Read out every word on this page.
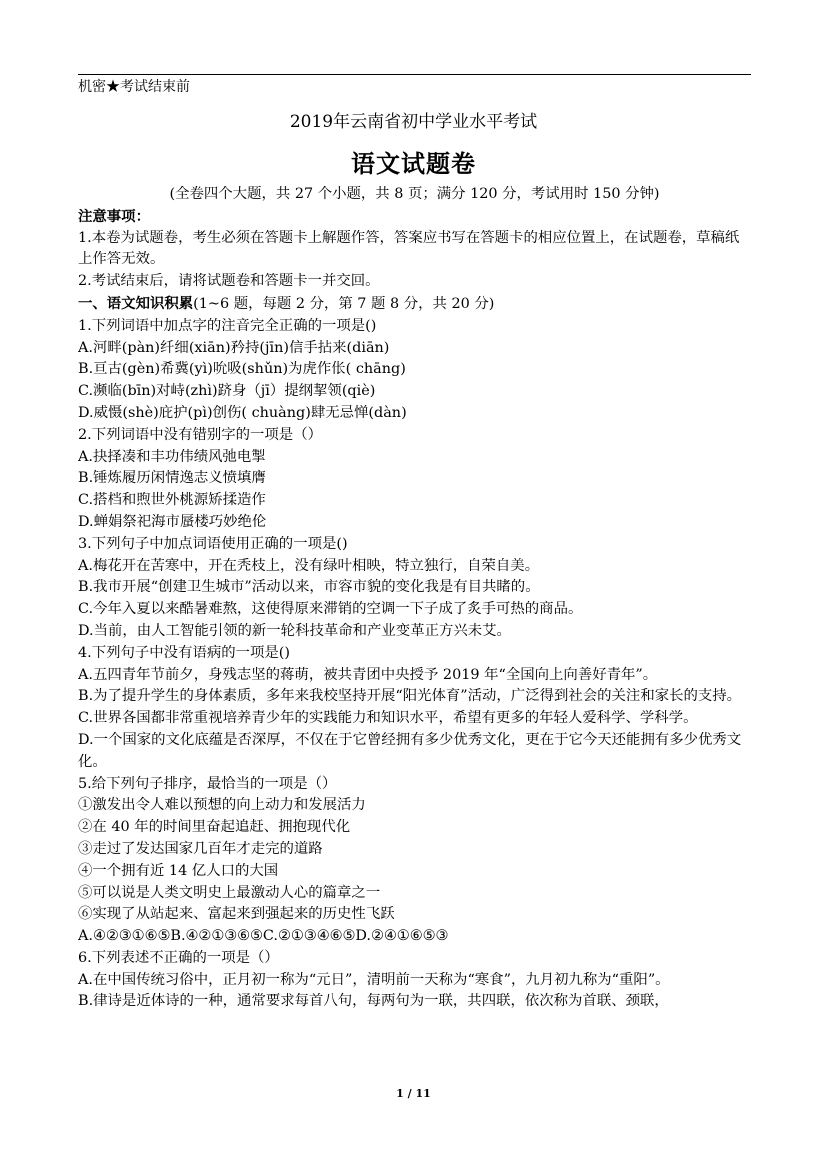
机密★考试结束前
2019年云南省初中学业水平考试
语文试题卷
(全卷四个大题，共 27 个小题，共 8 页；满分 120 分，考试用时 150 分钟)
注意事项：
1.本卷为试题卷，考生必须在答题卡上解题作答，答案应书写在答题卡的相应位置上，在试题卷，草稿纸上作答无效。
2.考试结束后，请将试题卷和答题卡一并交回。
一、语文知识积累(1~6 题，每题 2 分，第 7 题 8 分，共 20 分)
1.下列词语中加点字的注音完全正确的一项是()
A.河畔(pàn)纤细(xiān)矜持(jīn)信手拈来(diān)
B.亘古(gèn)希冀(yì)吮吸(shǔn)为虎作伥( chāng)
C.濒临(bīn)对峙(zhì)跻身（jī）提纲挈领(qiè)
D.威慑(shè)庇护(pì)创伤( chuàng)肆无忌惮(dàn)
2.下列词语中没有错别字的一项是（）
A.抉择凑和丰功伟绩风弛电掣
B.锤炼履历闲情逸志义愤填膺
C.搭档和煦世外桃源矫揉造作
D.蝉娟祭祀海市蜃楼巧妙绝伦
3.下列句子中加点词语使用正确的一项是()
A.梅花开在苦寒中，开在秃枝上，没有绿叶相映，特立独行，自荣自美。
B.我市开展“创建卫生城市”活动以来，市容市貌的变化我是有目共睹的。
C.今年入夏以来酷暑难熬，这使得原来滞销的空调一下子成了炙手可热的商品。
D.当前，由人工智能引领的新一轮科技革命和产业变革正方兴未艾。
4.下列句子中没有语病的一项是()
A.五四青年节前夕，身残志坚的蒋萌，被共青团中央授予 2019 年“全国向上向善好青年”。
B.为了提升学生的身体素质，多年来我校坚持开展“阳光体育”活动，广泛得到社会的关注和家长的支持。
C.世界各国都非常重视培养青少年的实践能力和知识水平，希望有更多的年轻人爱科学、学科学。
D.一个国家的文化底蕴是否深厚，不仅在于它曾经拥有多少优秀文化，更在于它今天还能拥有多少优秀文化。
5.给下列句子排序，最恰当的一项是（）
①激发出令人难以预想的向上动力和发展活力
②在 40 年的时间里奋起追赶、拥抱现代化
③走过了发达国家几百年才走完的道路
④一个拥有近 14 亿人口的大国
⑤可以说是人类文明史上最激动人心的篇章之一
⑥实现了从站起来、富起来到强起来的历史性飞跃
A.④②③①⑥⑤B.④②①③⑥⑤C.②①③④⑥⑤D.②④①⑥⑤③
6.下列表述不正确的一项是（）
A.在中国传统习俗中，正月初一称为“元日”，清明前一天称为“寒食”，九月初九称为“重阳”。
B.律诗是近体诗的一种，通常要求每首八句，每两句为一联，共四联，依次称为首联、颈联，
1 / 11
